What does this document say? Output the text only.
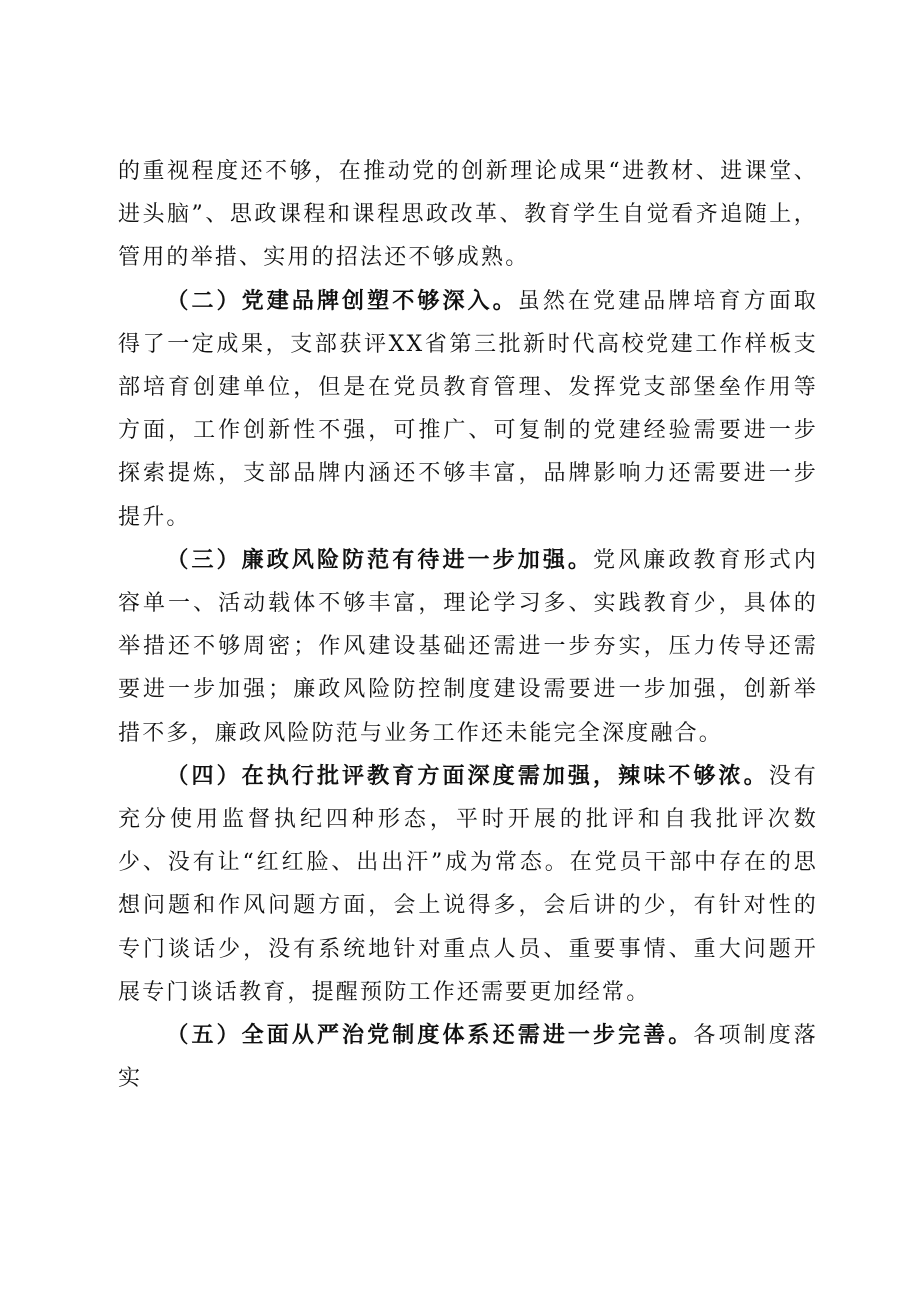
的重视程度还不够，在推动党的创新理论成果“进教材、进课堂、进头脑”、思政课程和课程思政改革、教育学生自觉看齐追随上，管用的举措、实用的招法还不够成熟。

（二）党建品牌创塑不够深入。虽然在党建品牌培育方面取得了一定成果，支部获评XX省第三批新时代高校党建工作样板支部培育创建单位，但是在党员教育管理、发挥党支部堡垒作用等方面，工作创新性不强，可推广、可复制的党建经验需要进一步探索提炼，支部品牌内涵还不够丰富，品牌影响力还需要进一步提升。

（三）廉政风险防范有待进一步加强。党风廉政教育形式内容单一、活动载体不够丰富，理论学习多、实践教育少，具体的举措还不够周密；作风建设基础还需进一步夯实，压力传导还需要进一步加强；廉政风险防控制度建设需要进一步加强，创新举措不多，廉政风险防范与业务工作还未能完全深度融合。

（四）在执行批评教育方面深度需加强，辣味不够浓。没有充分使用监督执纪四种形态，平时开展的批评和自我批评次数少、没有让“红红脸、出出汗”成为常态。在党员干部中存在的思想问题和作风问题方面，会上说得多，会后讲的少，有针对性的专门谈话少，没有系统地针对重点人员、重要事情、重大问题开展专门谈话教育，提醒预防工作还需要更加经常。

（五）全面从严治党制度体系还需进一步完善。各项制度落实
